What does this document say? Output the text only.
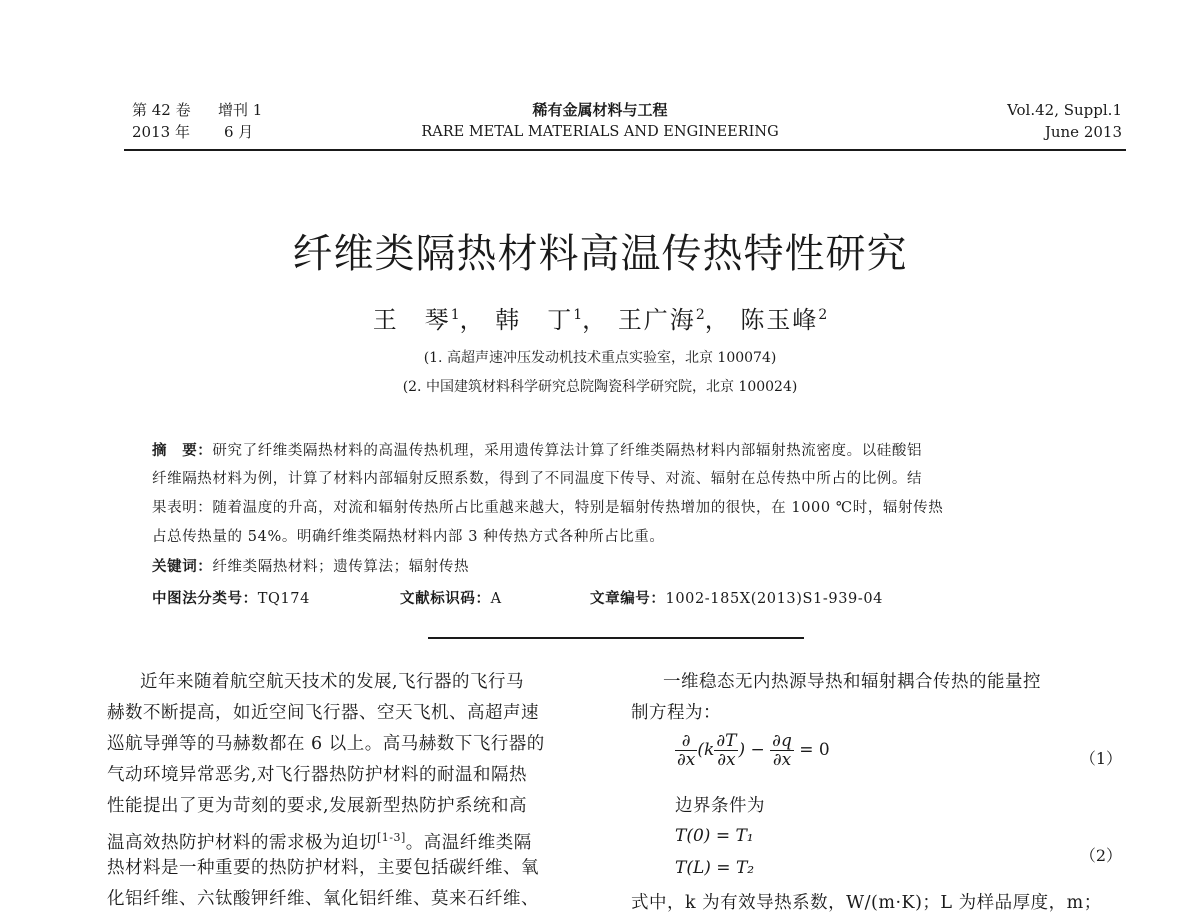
第 42 卷 增刊 1
2013 年 6 月
稀有金属材料与工程
RARE METAL MATERIALS AND ENGINEERING
Vol.42, Suppl.1
June 2013
纤维类隔热材料高温传热特性研究
王　琴$^1$， 韩　丁$^1$， 王广海$^2$， 陈玉峰$^2$
(1. 高超声速冲压发动机技术重点实验室，北京 100074)
(2. 中国建筑材料科学研究总院陶瓷科学研究院，北京 100024)
摘　要：研究了纤维类隔热材料的高温传热机理，采用遗传算法计算了纤维类隔热材料内部辐射热流密度。以硅酸铝
纤维隔热材料为例，计算了材料内部辐射反照系数，得到了不同温度下传导、对流、辐射在总传热中所占的比例。结
果表明：随着温度的升高，对流和辐射传热所占比重越来越大，特别是辐射传热增加的很快，在 1000 ℃时，辐射传热
占总传热量的 54%。明确纤维类隔热材料内部 3 种传热方式各种所占比重。
关键词：纤维类隔热材料；遗传算法；辐射传热
中图法分类号：TQ174	文献标识码：A	文章编号：1002-185X(2013)S1-939-04
近年来随着航空航天技术的发展,飞行器的飞行马
赫数不断提高，如近空间飞行器、空天飞机、高超声速
巡航导弹等的马赫数都在 6 以上。高马赫数下飞行器的
气动环境异常恶劣,对飞行器热防护材料的耐温和隔热
性能提出了更为苛刻的要求,发展新型热防护系统和高
温高效热防护材料的需求极为迫切[1-3]。高温纤维类隔
热材料是一种重要的热防护材料，主要包括碳纤维、氧
化铝纤维、六钛酸钾纤维、氧化铝纤维、莫来石纤维、
一维稳态无内热源导热和辐射耦合传热的能量控
制方程为：
$\frac{\partial}{\partial x} (k \frac{\partial T}{\partial x}$ ) − $\frac{\partial q}{\partial x} = 0$	（1）
边界条件为
T(0) = T₁
T(L) = T₂
（2）
式中，k 为有效导热系数，W/(m·K)；L 为样品厚度，m；
